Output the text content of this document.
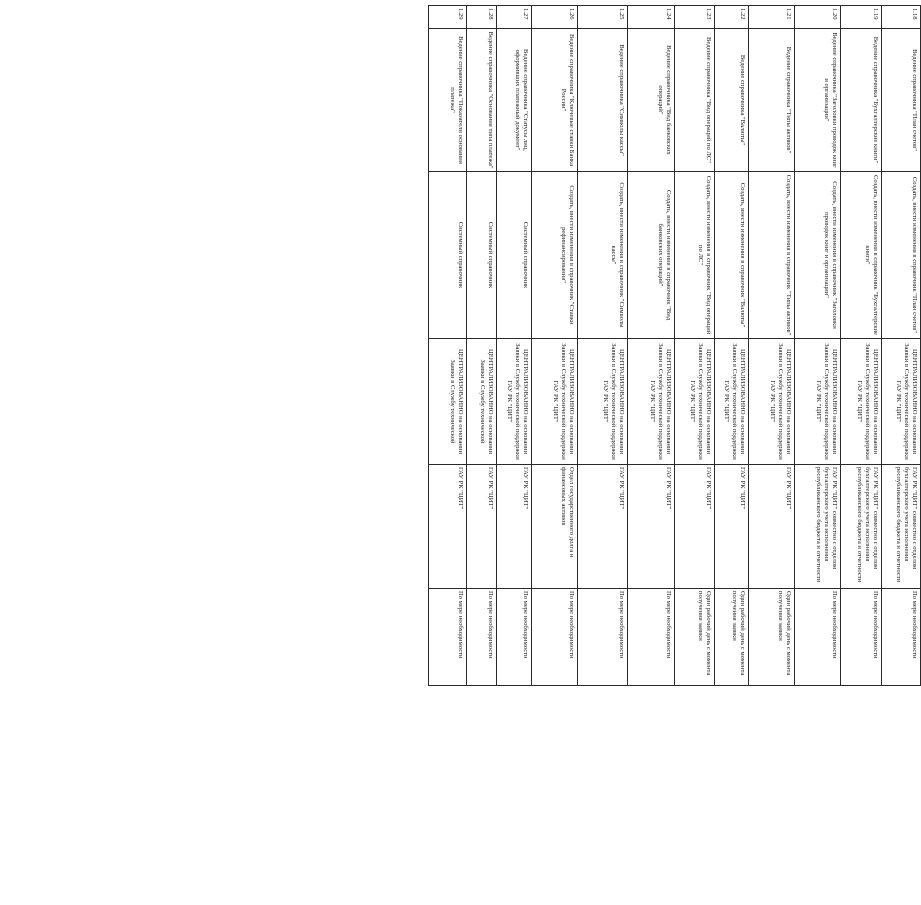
1.18	Ведение справочника "План счетов"	Создать, внести изменения в справочник "План счетов"	ЦЕНТРАЛИЗОВАННО на основании Заявки в Службу технической поддержки ГАУ РК "ЦИТ"	ГАУ РК "ЦИТ" совместно с отделом бухгалтерского учета исполнения республиканского бюджета и отчетности	По мере необходимости
1.19	Ведение справочника "Бухгалтерские книги"	Создать, внести изменения в справочник "Бухгалтерские книги"	ЦЕНТРАЛИЗОВАННО на основании Заявки в Службу технической поддержки ГАУ РК "ЦИТ"	ГАУ РК "ЦИТ" совместно с отделом бухгалтерского учета исполнения республиканского бюджета и отчетности	По мере необходимости
1.20	Ведение справочника "Заголовки проводок книг и организации"	Создать, внести изменения в справочник "Заголовки проводок книг и организации"	ЦЕНТРАЛИЗОВАННО на основании Заявки в Службу технической поддержки ГАУ РК "ЦИТ"	ГАУ РК "ЦИТ" совместно с отделом бухгалтерского учета исполнения республиканского бюджета и отчетности	По мере необходимости
1.21	Ведение справочника "Типы активов"	Создать, внести изменения в справочник "Типы активов"	ЦЕНТРАЛИЗОВАННО на основании Заявки в Службу технической поддержки ГАУ РК "ЦИТ"	ГАУ РК "ЦИТ"	Один рабочий день с момента получения заявки
1.22	Ведение справочника "Валюты"	Создать, внести изменения в справочник "Валюты"	ЦЕНТРАЛИЗОВАННО на основании Заявки в Службу технической поддержки ГАУ РК "ЦИТ"	ГАУ РК "ЦИТ"	Один рабочий день с момента получения заявки
1.23	Ведение справочника "Вид операций по ЛС"	Создать, внести изменения в справочник "Вид операций по ЛС"	ЦЕНТРАЛИЗОВАННО на основании Заявки в Службу технической поддержки ГАУ РК "ЦИТ"	ГАУ РК "ЦИТ"	Один рабочий день с момента получения заявки
1.24	Ведение справочника "Вид банковских операций"	Создать, внести изменения в справочник "Вид банковских операций"	ЦЕНТРАЛИЗОВАННО на основании Заявки в Службу технической поддержки ГАУ РК "ЦИТ"	ГАУ РК "ЦИТ"	По мере необходимости
1.25	Ведение справочника "Символы кассы"	Создать, внести изменения в справочник "Символы кассы"	ЦЕНТРАЛИЗОВАННО на основании Заявки в Службу технической поддержки ГАУ РК "ЦИТ"	ГАУ РК "ЦИТ"	По мере необходимости
1.26	Ведение справочника "Ключевые ставки Банка России"	Создать, внести изменения в справочник "Ставки рефинансирования"	ЦЕНТРАЛИЗОВАННО на основании Заявки в Службу технической поддержки ГАУ РК "ЦИТ"	Отдел государственного долга и финансовых активов	По мере необходимости
1.27	Ведение справочника "Статусы лиц, оформивших платежный документ"	Системный справочник	ЦЕНТРАЛИЗОВАННО на основании Заявки в Службу технической поддержки ГАУ РК "ЦИТ"	ГАУ РК "ЦИТ"	По мере необходимости
1.28	Ведение справочника "Основания типа платежа"	Системный справочник	ЦЕНТРАЛИЗОВАННО на основании Заявки в Службу технической	ГАУ РК "ЦИТ"	По мере необходимости
1.29	Ведение справочника "Показатели основания платежа"	Системный справочник	ЦЕНТРАЛИЗОВАННО на основании Заявки в Службу технической	ГАУ РК "ЦИТ"	По мере необходимости
